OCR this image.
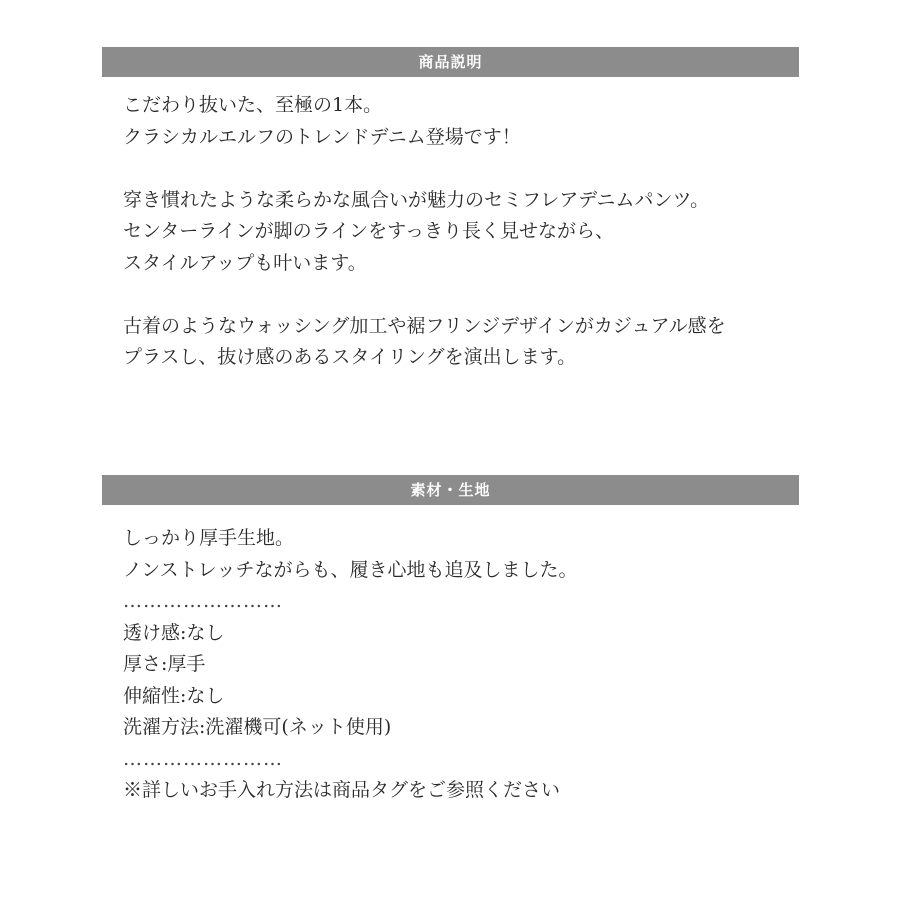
商品説明
こだわり抜いた、至極の1本。
クラシカルエルフのトレンドデニム登場です！
穿き慣れたような柔らかな風合いが魅力のセミフレアデニムパンツ。
センターラインが脚のラインをすっきり長く見せながら、
スタイルアップも叶います。
古着のようなウォッシング加工や裾フリンジデザインがカジュアル感を
プラスし、抜け感のあるスタイリングを演出します。
素材・生地
しっかり厚手生地。
ノンストレッチながらも、履き心地も追及しました。
……………………
透け感:なし
厚さ:厚手
伸縮性:なし
洗濯方法:洗濯機可(ネット使用)
……………………
※詳しいお手入れ方法は商品タグをご参照ください
